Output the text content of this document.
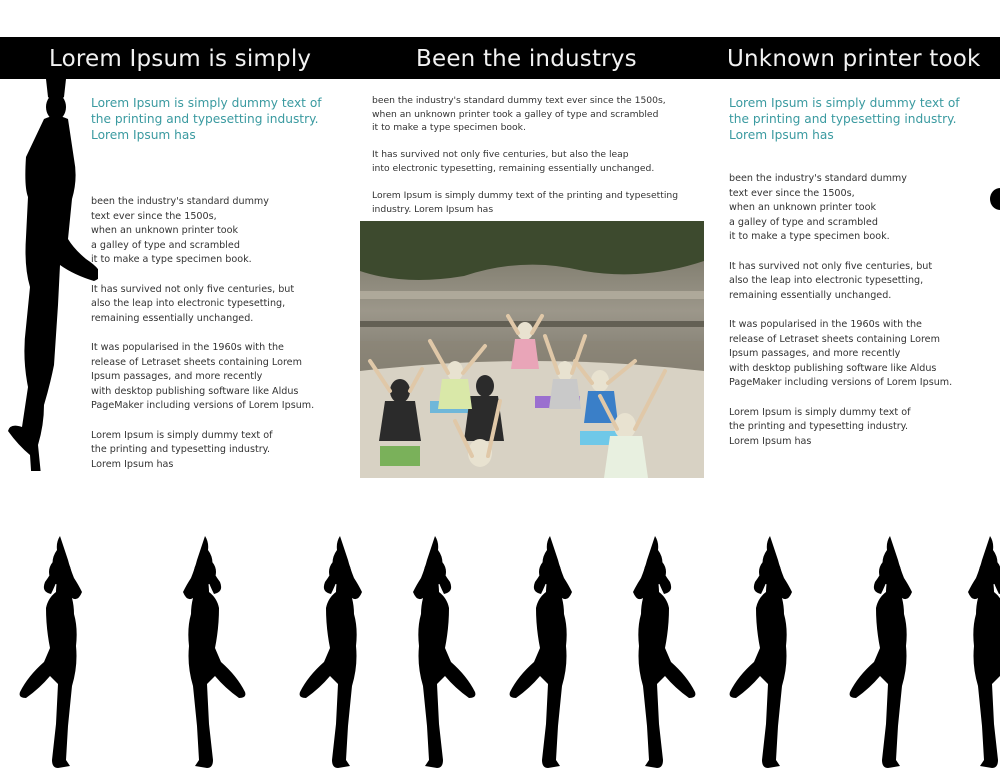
Lorem Ipsum is simply	Been the industrys	Unknown printer took
Lorem Ipsum is simply dummy text of
the printing and typesetting industry.
Lorem Ipsum has

been the industry's standard dummy
text ever since the 1500s,
when an unknown printer took
a galley of type and scrambled
it to make a type specimen book.

It has survived not only five centuries, but
also the leap into electronic typesetting,
remaining essentially unchanged.

It was popularised in the 1960s with the
release of Letraset sheets containing Lorem
Ipsum passages, and more recently
with desktop publishing software like Aldus
PageMaker including versions of Lorem Ipsum.

Lorem Ipsum is simply dummy text of
the printing and typesetting industry.
Lorem Ipsum has

been the industry's standard dummy text ever since the 1500s,
when an unknown printer took a galley of type and scrambled
it to make a type specimen book.

It has survived not only five centuries, but also the leap
into electronic typesetting, remaining essentially unchanged.

Lorem Ipsum is simply dummy text of the printing and typesetting
industry. Lorem Ipsum has

Lorem Ipsum is simply dummy text of
the printing and typesetting industry.
Lorem Ipsum has

been the industry's standard dummy
text ever since the 1500s,
when an unknown printer took
a galley of type and scrambled
it to make a type specimen book.

It has survived not only five centuries, but
also the leap into electronic typesetting,
remaining essentially unchanged.

It was popularised in the 1960s with the
release of Letraset sheets containing Lorem
Ipsum passages, and more recently
with desktop publishing software like Aldus
PageMaker including versions of Lorem Ipsum.

Lorem Ipsum is simply dummy text of
the printing and typesetting industry.
Lorem Ipsum has
